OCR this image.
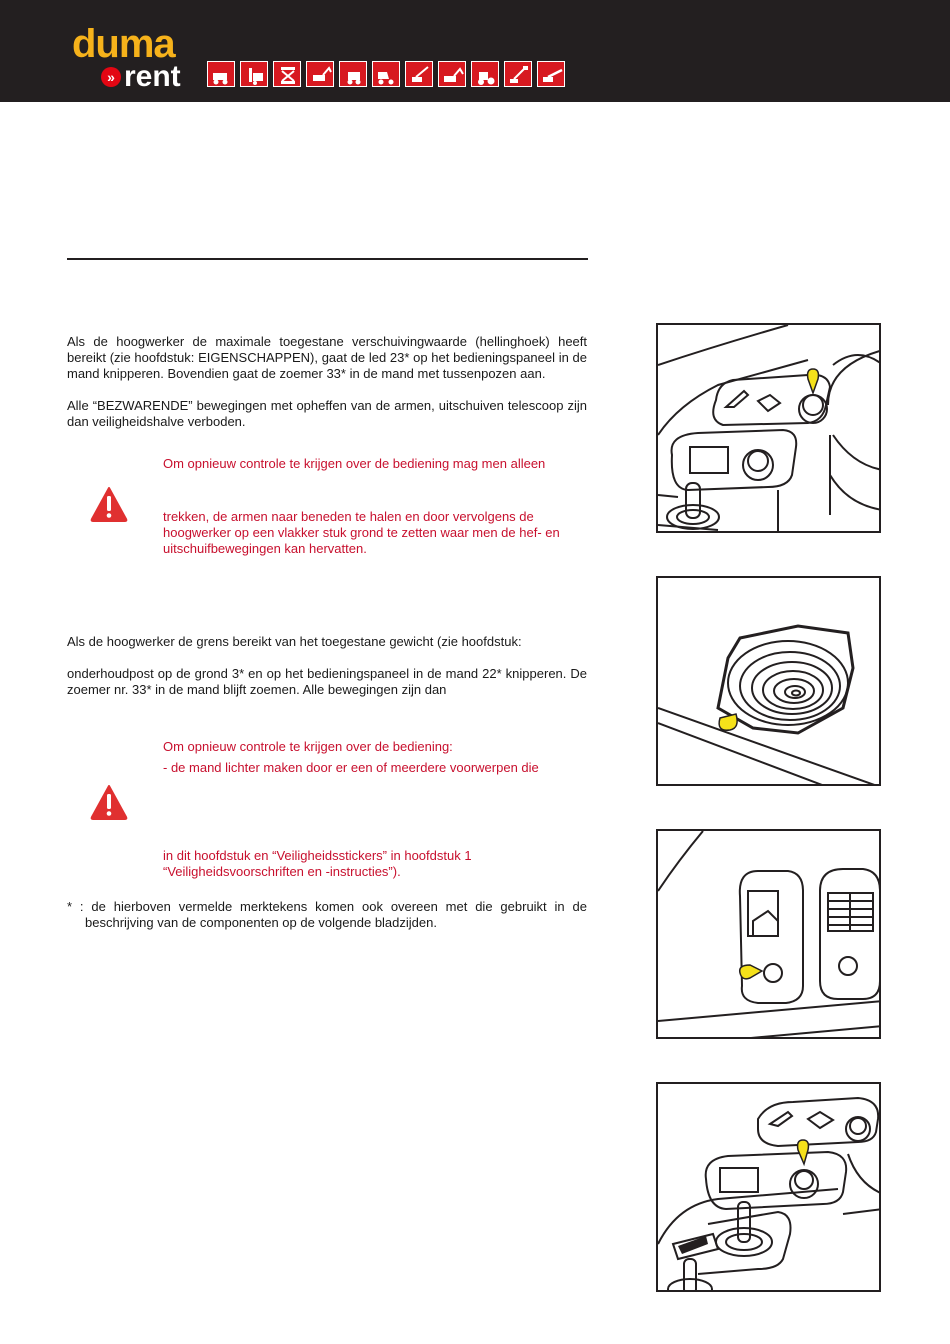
duma
» rent

Als de hoogwerker de maximale toegestane verschuivingwaarde (hellinghoek) heeft bereikt (zie hoofdstuk: EIGENSCHAPPEN), gaat de led 23* op het bedieningspaneel in de mand knipperen. Bovendien gaat de zoemer 33* in de mand met tussenpozen aan.

Alle “BEZWARENDE” bewegingen met opheffen van de armen, uitschuiven telescoop zijn dan veiligheidshalve verboden.

Om opnieuw controle te krijgen over de bediening mag men alleen

trekken, de armen naar beneden te halen en door vervolgens de hoogwerker op een vlakker stuk grond te zetten waar men de hef- en uitschuifbewegingen kan hervatten.

Als de hoogwerker de grens bereikt van het toegestane gewicht (zie hoofdstuk:

onderhoudpost op de grond 3* en op het bedieningspaneel in de mand 22* knipperen. De zoemer nr. 33* in de mand blijft zoemen. Alle bewegingen zijn dan

Om opnieuw controle te krijgen over de bediening:

- de mand lichter maken door er een of meerdere voorwerpen die

in dit hoofdstuk en “Veiligheidsstickers” in hoofdstuk 1 “Veiligheidsvoorschriften en -instructies”).

* : de hierboven vermelde merktekens komen ook overeen met die gebruikt in de beschrijving van de componenten op de volgende bladzijden.
